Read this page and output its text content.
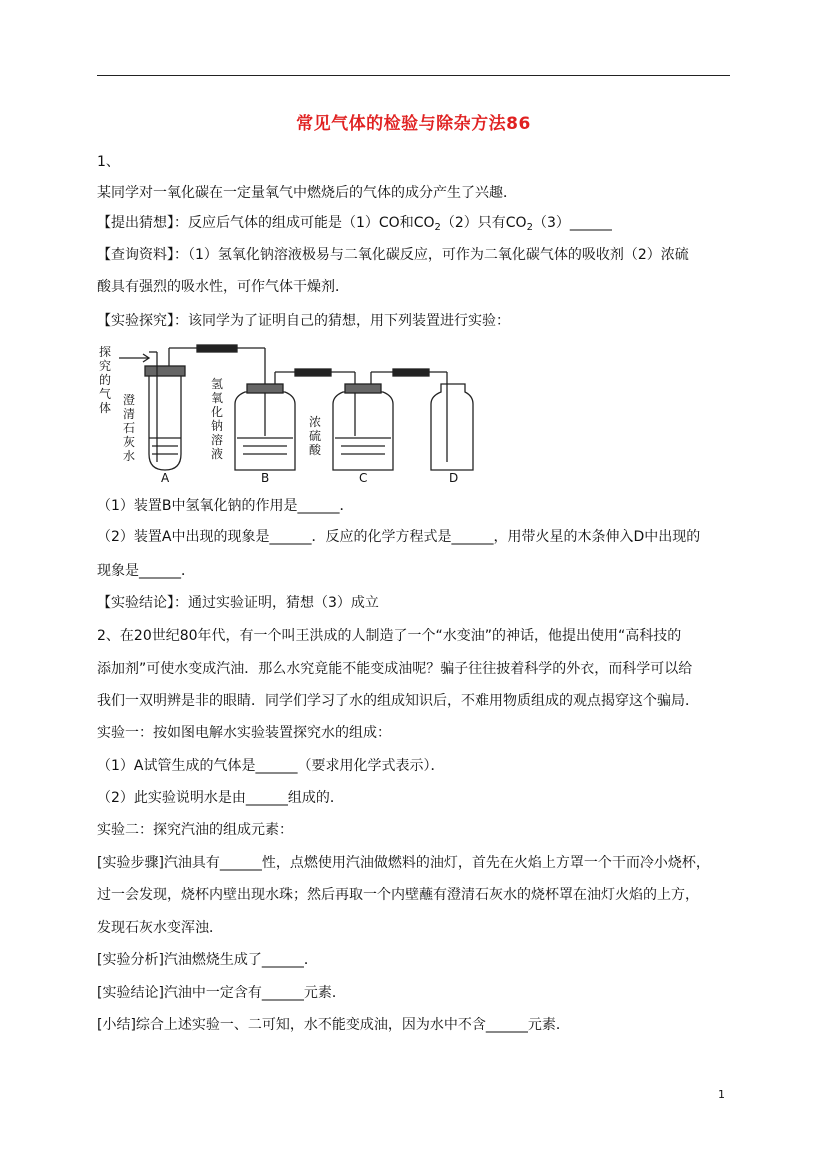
常见气体的检验与除杂方法86
1、
某同学对一氧化碳在一定量氧气中燃烧后的气体的成分产生了兴趣．
【提出猜想】：反应后气体的组成可能是（1）CO和$CO_2(2)$只有$CO_2(3)\_\_\_\_\_\_$
【查询资料】：（1）氢氧化钠溶液极易与二氧化碳反应，可作为二氧化碳气体的吸收剂（2）浓硫
酸具有强烈的吸水性，可作气体干燥剂．
【实验探究】：该同学为了证明自己的猜想，用下列装置进行实验：
探
究
的
气
体
澄
清
石
灰
水
氢
氧
化
钠
溶
液
浓
硫
酸
A	B	C	D
（1）装置B中氢氧化钠的作用是______．
（2）装置A中出现的现象是______．反应的化学方程式是______，用带火星的木条伸入D中出现的
现象是______．
【实验结论】：通过实验证明，猜想（3）成立
2、在20世纪80年代，有一个叫王洪成的人制造了一个“水变油”的神话，他提出使用“高科技的
添加剂”可使水变成汽油．那么水究竟能不能变成油呢？骗子往往披着科学的外衣，而科学可以给
我们一双明辨是非的眼睛．同学们学习了水的组成知识后，不难用物质组成的观点揭穿这个骗局．
实验一：按如图电解水实验装置探究水的组成：
（1）A试管生成的气体是______（要求用化学式表示）．
（2）此实验说明水是由______组成的．
实验二：探究汽油的组成元素：
[实验步骤]汽油具有______性，点燃使用汽油做燃料的油灯，首先在火焰上方罩一个干而冷小烧杯，
过一会发现，烧杯内壁出现水珠；然后再取一个内壁蘸有澄清石灰水的烧杯罩在油灯火焰的上方，
发现石灰水变浑浊．
[实验分析]汽油燃烧生成了______．
[实验结论]汽油中一定含有______元素．
[小结]综合上述实验一、二可知，水不能变成油，因为水中不含______元素．
1
